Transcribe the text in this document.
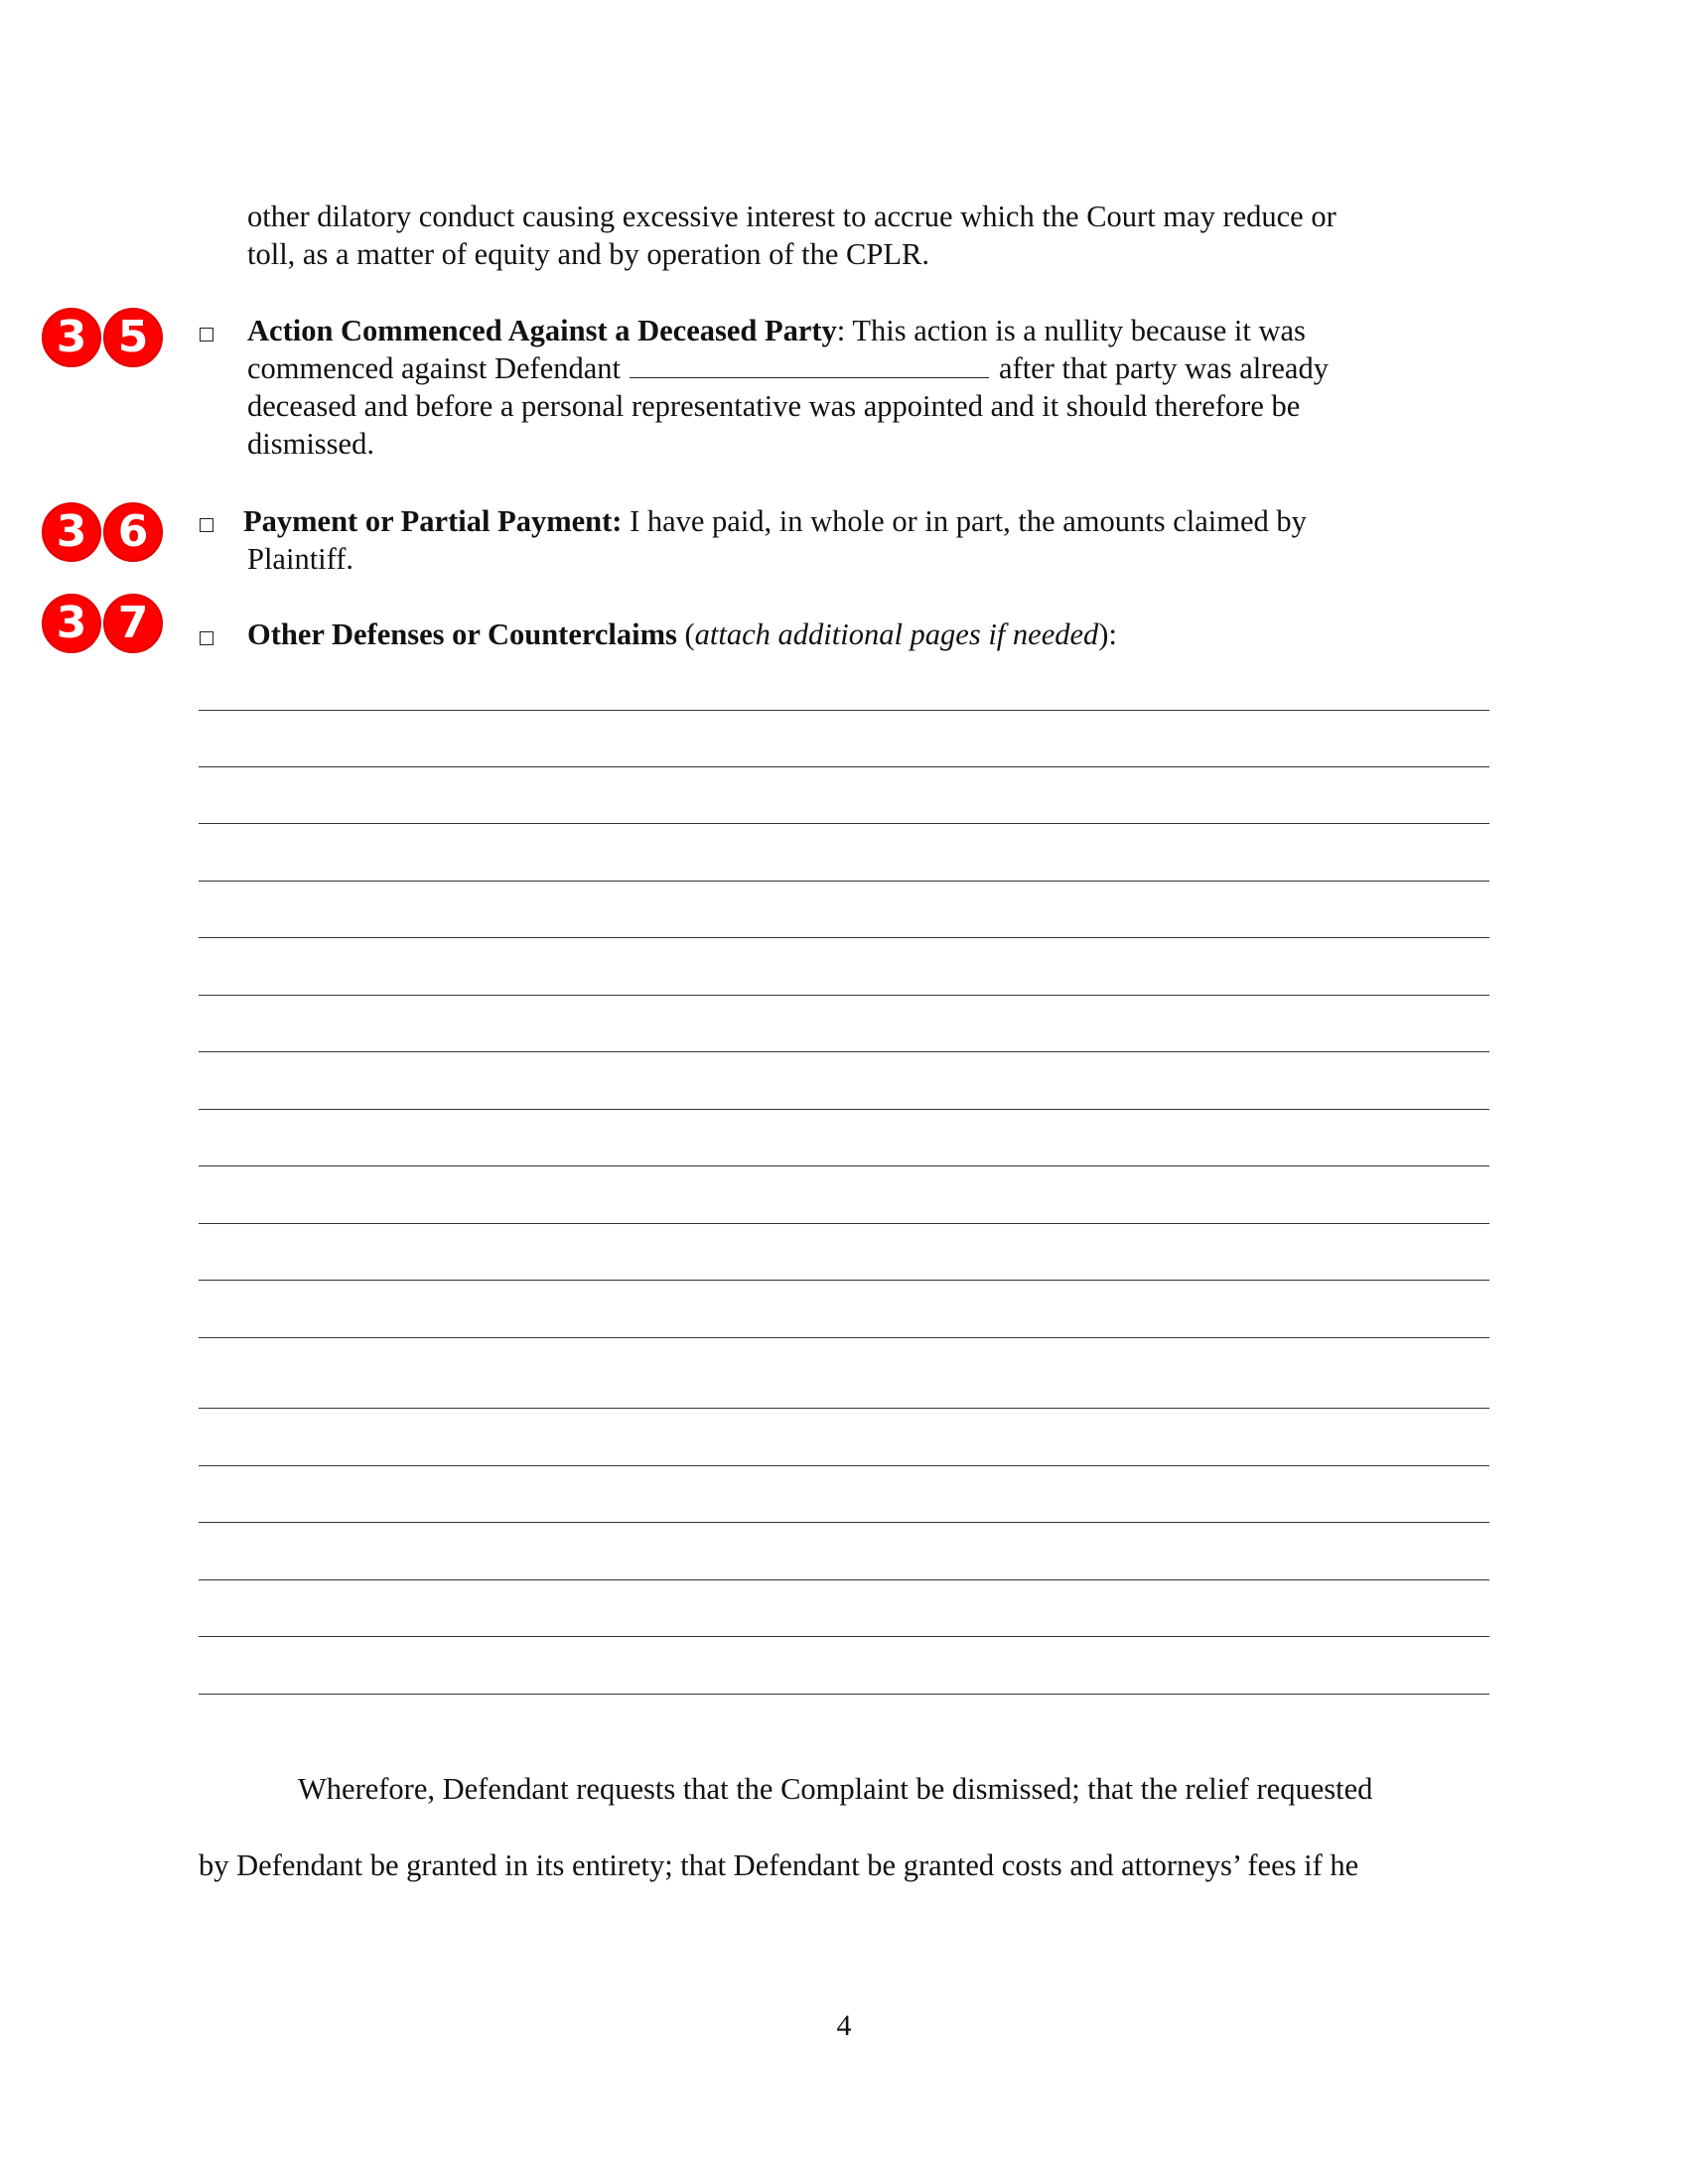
other dilatory conduct causing excessive interest to accrue which the Court may reduce or
toll, as a matter of equity and by operation of the CPLR.
3 5	Action Commenced Against a Deceased Party: This action is a nullity because it was
commenced against Defendant	after that party was already
deceased and before a personal representative was appointed and it should therefore be
dismissed.
3 6	Payment or Partial Payment: I have paid, in whole or in part, the amounts claimed by
Plaintiff.
3 7	Other Defenses or Counterclaims (attach additional pages if needed):
Wherefore, Defendant requests that the Complaint be dismissed; that the relief requested
by Defendant be granted in its entirety; that Defendant be granted costs and attorneys’ fees if he
4
